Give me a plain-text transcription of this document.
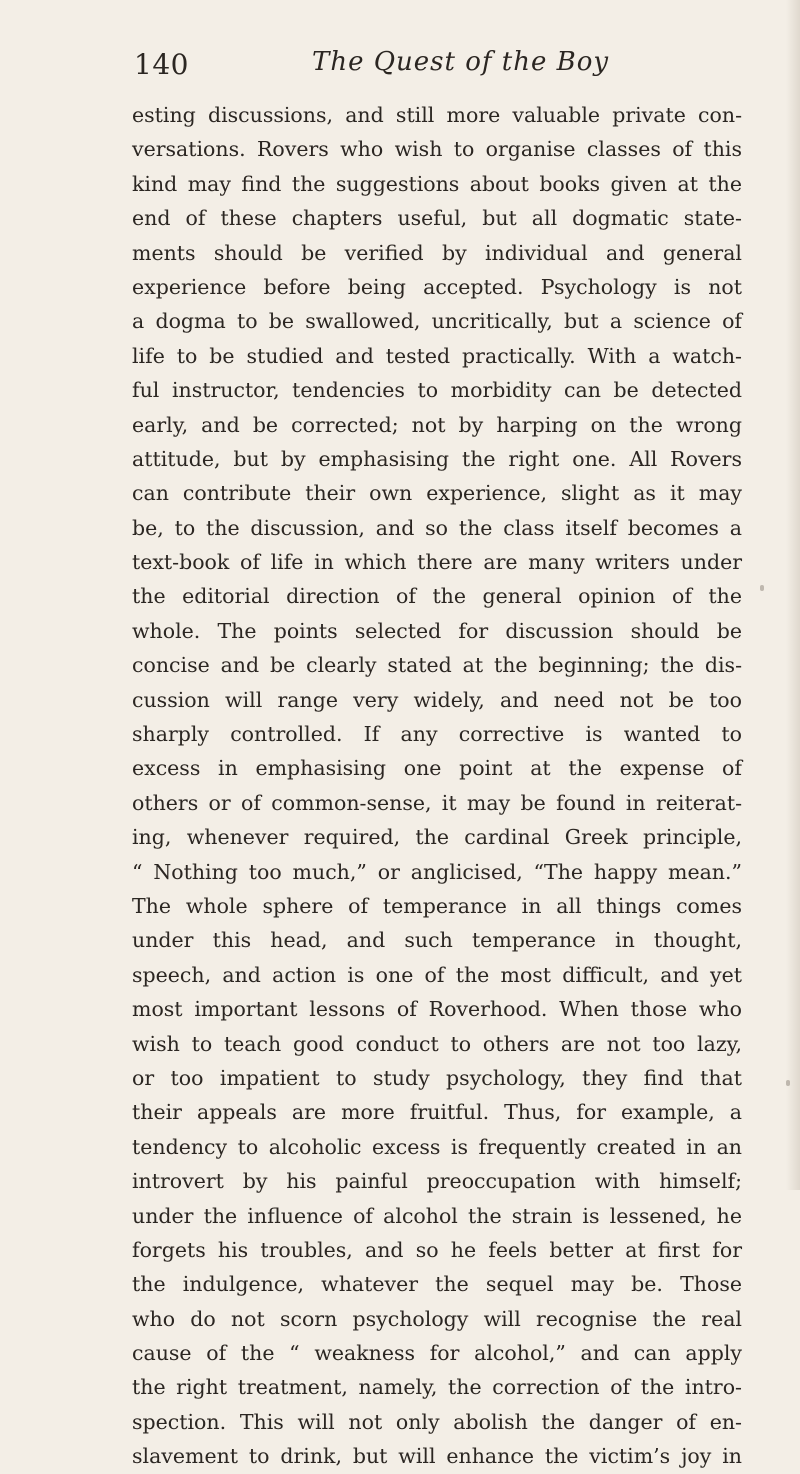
140	The Quest of the Boy
esting discussions, and still more valuable private con-
versations. Rovers who wish to organise classes of this
kind may find the suggestions about books given at the
end of these chapters useful, but all dogmatic state-
ments should be verified by individual and general
experience before being accepted. Psychology is not
a dogma to be swallowed, uncritically, but a science of
life to be studied and tested practically. With a watch-
ful instructor, tendencies to morbidity can be detected
early, and be corrected; not by harping on the wrong
attitude, but by emphasising the right one. All Rovers
can contribute their own experience, slight as it may
be, to the discussion, and so the class itself becomes a
text-book of life in which there are many writers under
the editorial direction of the general opinion of the
whole. The points selected for discussion should be
concise and be clearly stated at the beginning; the dis-
cussion will range very widely, and need not be too
sharply controlled. If any corrective is wanted to
excess in emphasising one point at the expense of
others or of common-sense, it may be found in reiterat-
ing, whenever required, the cardinal Greek principle,
“ Nothing too much,” or anglicised, “The happy mean.”
The whole sphere of temperance in all things comes
under this head, and such temperance in thought,
speech, and action is one of the most difficult, and yet
most important lessons of Roverhood. When those who
wish to teach good conduct to others are not too lazy,
or too impatient to study psychology, they find that
their appeals are more fruitful. Thus, for example, a
tendency to alcoholic excess is frequently created in an
introvert by his painful preoccupation with himself;
under the influence of alcohol the strain is lessened, he
forgets his troubles, and so he feels better at first for
the indulgence, whatever the sequel may be. Those
who do not scorn psychology will recognise the real
cause of the “ weakness for alcohol,” and can apply
the right treatment, namely, the correction of the intro-
spection. This will not only abolish the danger of en-
slavement to drink, but will enhance the victim’s joy in
